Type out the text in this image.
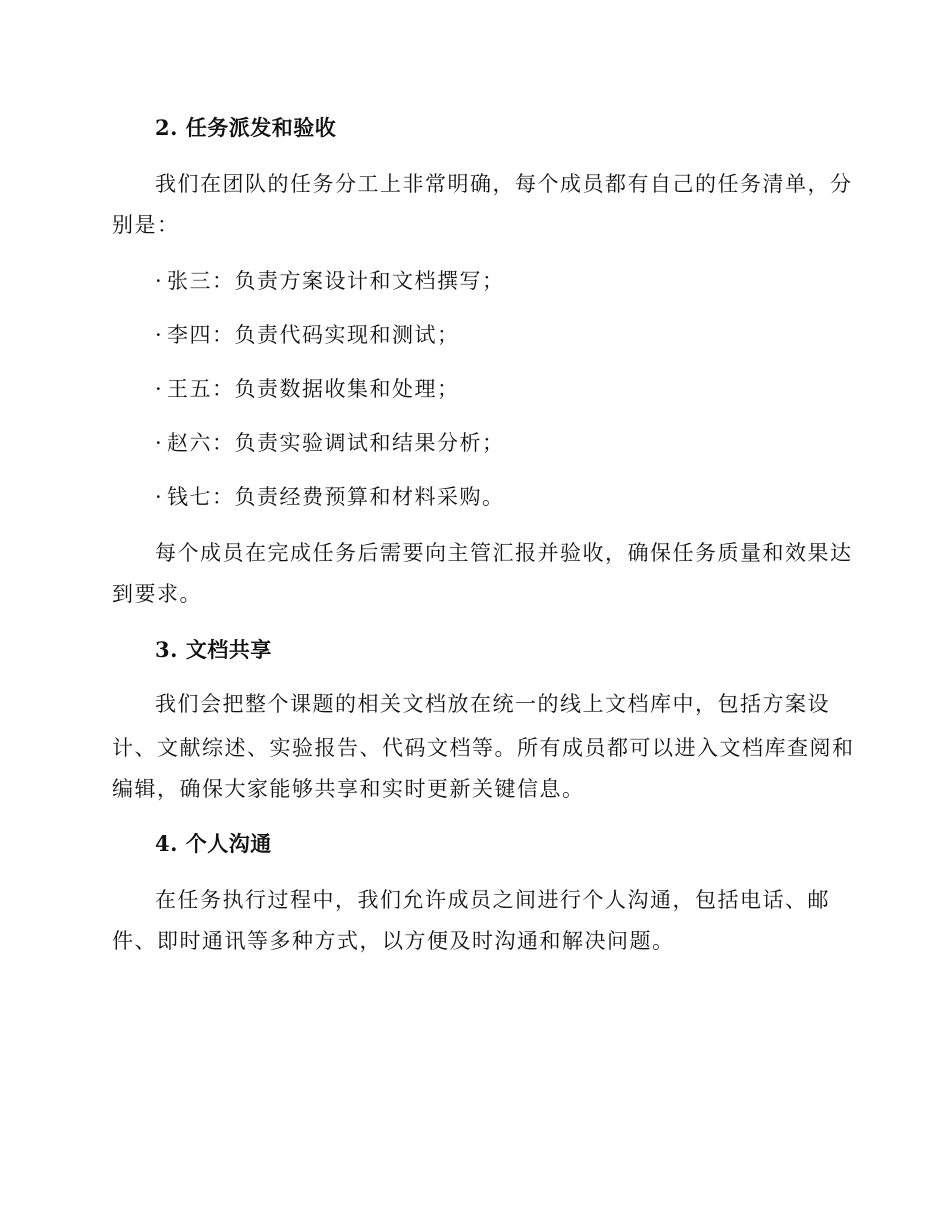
2. 任务派发和验收
我们在团队的任务分工上非常明确，每个成员都有自己的任务清单，分
别是：
· 张三：负责方案设计和文档撰写；
· 李四：负责代码实现和测试；
· 王五：负责数据收集和处理；
· 赵六：负责实验调试和结果分析；
· 钱七：负责经费预算和材料采购。
每个成员在完成任务后需要向主管汇报并验收，确保任务质量和效果达
到要求。
3. 文档共享
我们会把整个课题的相关文档放在统一的线上文档库中，包括方案设
计、文献综述、实验报告、代码文档等。所有成员都可以进入文档库查阅和
编辑，确保大家能够共享和实时更新关键信息。
4. 个人沟通
在任务执行过程中，我们允许成员之间进行个人沟通，包括电话、邮
件、即时通讯等多种方式，以方便及时沟通和解决问题。
